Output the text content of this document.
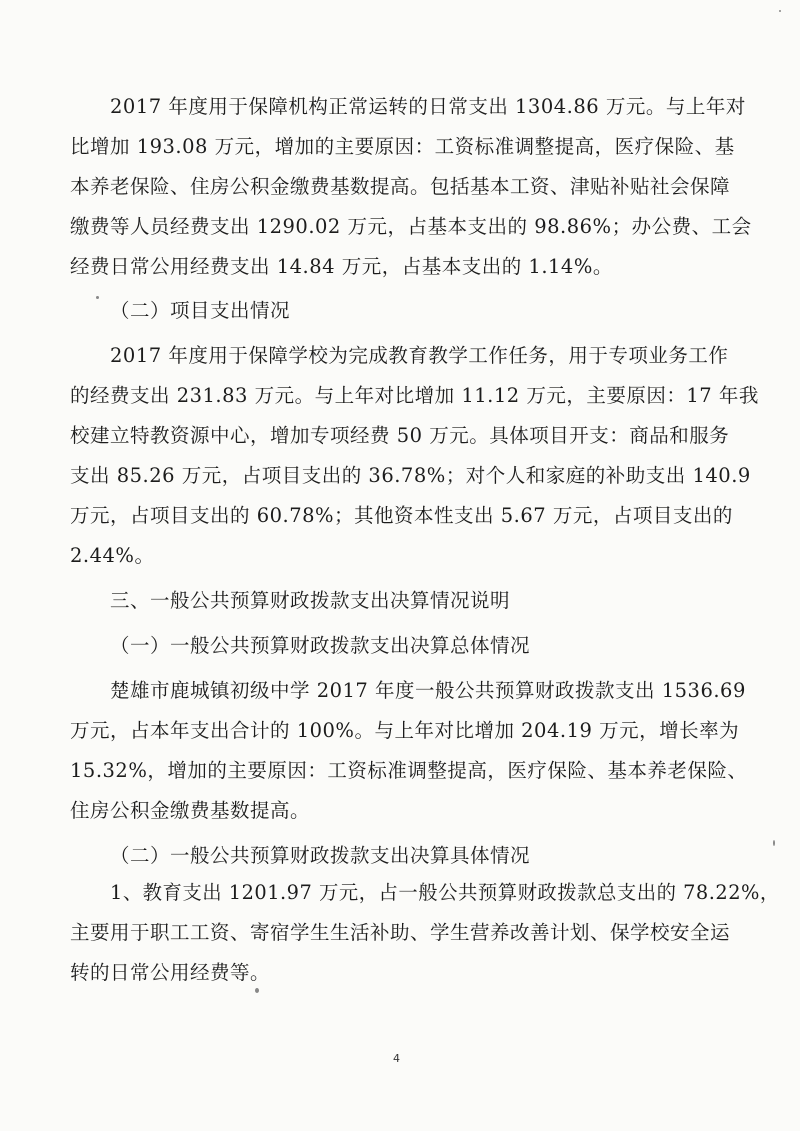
2017 年度用于保障机构正常运转的日常支出 1304.86 万元。与上年对
比增加 193.08 万元，增加的主要原因：工资标准调整提高，医疗保险、基
本养老保险、住房公积金缴费基数提高。包括基本工资、津贴补贴社会保障
缴费等人员经费支出 1290.02 万元，占基本支出的 98.86%；办公费、工会
经费日常公用经费支出 14.84 万元，占基本支出的 1.14%。
（二）项目支出情况
2017 年度用于保障学校为完成教育教学工作任务，用于专项业务工作
的经费支出 231.83 万元。与上年对比增加 11.12 万元，主要原因：17 年我
校建立特教资源中心，增加专项经费 50 万元。具体项目开支：商品和服务
支出 85.26 万元，占项目支出的 36.78%；对个人和家庭的补助支出 140.9
万元，占项目支出的 60.78%；其他资本性支出 5.67 万元，占项目支出的
2.44%。
三、一般公共预算财政拨款支出决算情况说明
（一）一般公共预算财政拨款支出决算总体情况
楚雄市鹿城镇初级中学 2017 年度一般公共预算财政拨款支出 1536.69
万元，占本年支出合计的 100%。与上年对比增加 204.19 万元，增长率为
15.32%，增加的主要原因：工资标准调整提高，医疗保险、基本养老保险、
住房公积金缴费基数提高。
（二）一般公共预算财政拨款支出决算具体情况
1、教育支出 1201.97 万元，占一般公共预算财政拨款总支出的 78.22%，
主要用于职工工资、寄宿学生生活补助、学生营养改善计划、保学校安全运
转的日常公用经费等。
4
